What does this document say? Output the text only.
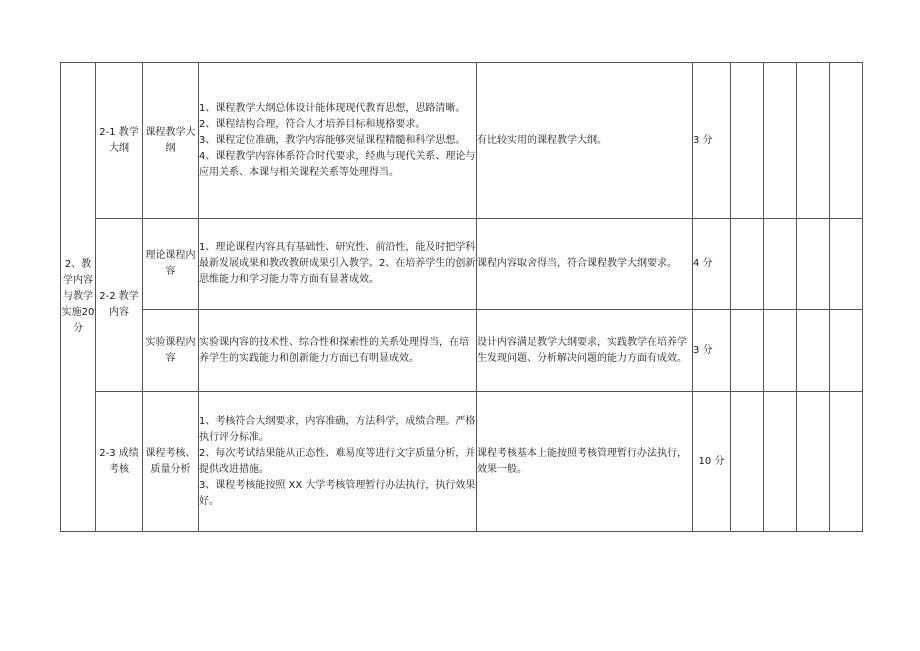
2、教学内容与教学实施20分	2-1 教学大纲	课程教学大纲	1、课程教学大纲总体设计能体现现代教育思想，思路清晰。

2、课程结构合理，符合人才培养目标和规格要求。

3、课程定位准确，教学内容能够突显课程精髓和科学思想。

4、课程教学内容体系符合时代要求，经典与现代关系、理论与应用关系、本课与相关课程关系等处理得当。	有比较实用的课程教学大纲。	3 分				
	2-2 教学内容	理论课程内容	1、理论课程内容具有基础性、研究性、前沿性，能及时把学科最新发展成果和教改教研成果引入教学。2、在培养学生的创新思维能力和学习能力等方面有显著成效。	课程内容取舍得当，符合课程教学大纲要求。	4 分				
		实验课程内容	实验课内容的技术性、综合性和探索性的关系处理得当，在培养学生的实践能力和创新能力方面已有明显成效。	设计内容满足教学大纲要求，实践教学在培养学生发现问题、分析解决问题的能力方面有成效。	3 分				
	2-3 成绩考核	课程考核、质量分析	1、考核符合大纲要求，内容准确，方法科学，成绩合理。严格执行评分标准。

2、每次考试结果能从正态性、难易度等进行文字质量分析，并提供改进措施。

3、课程考核能按照 XX 大学考核管理暂行办法执行，执行效果好。	课程考核基本上能按照考核管理暂行办法执行，效果一般。	10 分				
